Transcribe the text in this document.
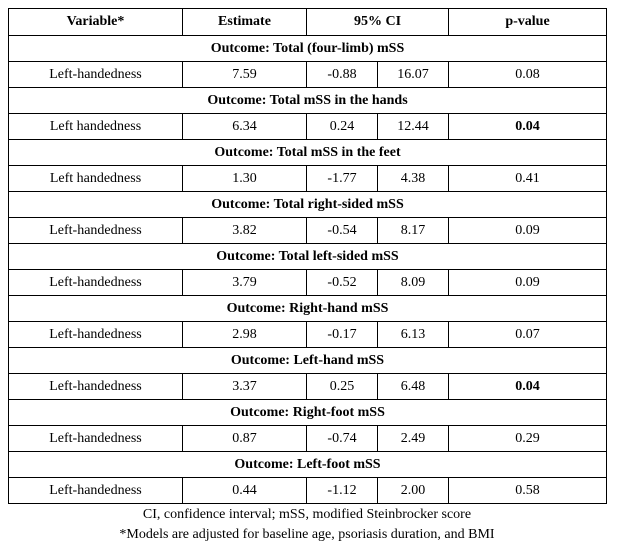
Variable*	Estimate	95% CI		p-value
Outcome: Total (four-limb) mSS				
Left-handedness	7.59	-0.88	16.07	0.08
Outcome: Total mSS in the hands				
Left handedness	6.34	0.24	12.44	0.04
Outcome: Total mSS in the feet				
Left handedness	1.30	-1.77	4.38	0.41
Outcome: Total right-sided mSS				
Left-handedness	3.82	-0.54	8.17	0.09
Outcome: Total left-sided mSS				
Left-handedness	3.79	-0.52	8.09	0.09
Outcome: Right-hand mSS				
Left-handedness	2.98	-0.17	6.13	0.07
Outcome: Left-hand mSS				
Left-handedness	3.37	0.25	6.48	0.04
Outcome: Right-foot mSS				
Left-handedness	0.87	-0.74	2.49	0.29
Outcome: Left-foot mSS				
Left-handedness	0.44	-1.12	2.00	0.58
CI, confidence interval; mSS, modified Steinbrocker score
*Models are adjusted for baseline age, psoriasis duration, and BMI
